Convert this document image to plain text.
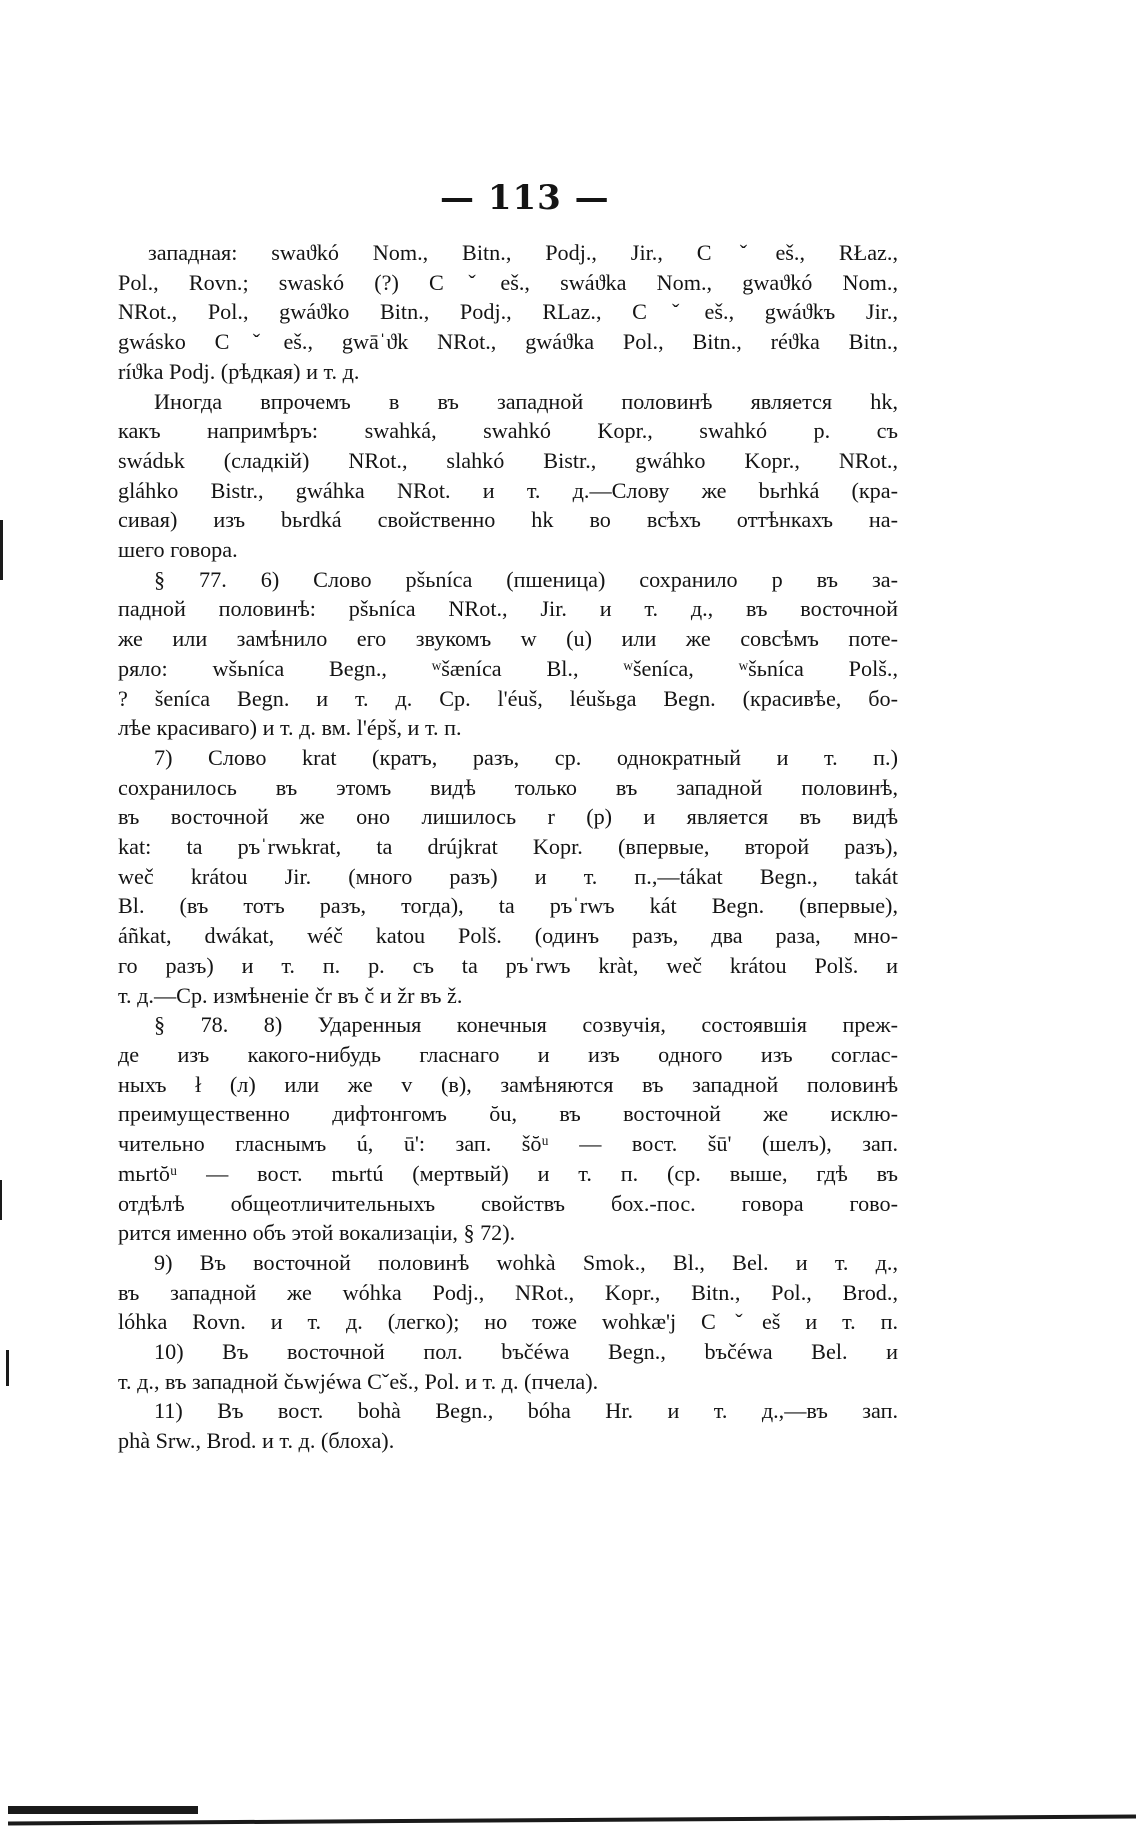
— 113 —
западная: swaϑkó Nom., Bitn., Podj., Jir., Cˇeš., RŁaz.,
Pol., Rovn.; swaskó (?) Cˇeš., swáϑka Nom., gwaϑkó Nom.,
NRot., Pol., gwáϑko Bitn., Podj., RLaz., Cˇeš., gwáϑkъ Jir.,
gwásko Cˇeš., gwāˈϑk NRot., gwáϑka Pol., Bitn., réϑka Bitn.,
ríϑka Podj. (рѣдкая) и т. д.
Иногда впрочемъ в въ западной половинѣ является hk,
какъ напримѣръ: swahká, swahkó Kopr., swahkó р. съ
swádьk (сладкій) NRot., slahkó Bistr., gwáhko Kopr., NRot.,
gláhko Bistr., gwáhka NRot. и т. д.—Слову же bьrhká (кра-
сивая) изъ bьrdká свойственно hk во всѣхъ оттѣнкахъ на-
шего говора.
§ 77. 6) Слово pšьníca (пшеница) сохранило p въ за-
падной половинѣ: pšьníca NRot., Jir. и т. д., въ восточной
же или замѣнило его звукомъ w (u) или же совсѣмъ поте-
ряло: wšьníca Begn., ʷšæníca Bl., ʷšeníca, ʷšьníca Polš.,
? šeníca Begn. и т. д. Ср. l'éuš, léušьga Begn. (красивѣе, бо-
лѣе красиваго) и т. д. вм. l'épš, и т. п.
7) Слово krat (кратъ, разъ, ср. однократный и т. п.)
сохранилось въ этомъ видѣ только въ западной половинѣ,
въ восточной же оно лишилось r (р) и является въ видѣ
kat: ta pъˈrwьkrat, ta drújkrat Kopr. (впервые, второй разъ),
weč krátou Jir. (много разъ) и т. п.,—tákat Begn., takát
Bl. (въ тотъ разъ, тогда), ta pъˈrwъ kát Begn. (впервые),
áñkat, dwákat, wéč katou Polš. (одинъ разъ, два раза, мно-
го разъ) и т. п. р. съ ta pъˈrwъ kràt, weč krátou Polš. и
т. д.—Ср. измѣненіе čr въ č и žr въ ž.
§ 78. 8) Ударенныя конечныя созвучія, состоявшія преж-
де изъ какого-нибудь гласнаго и изъ одного изъ соглас-
ныхъ ł (л) или же v (в), замѣняются въ западной половинѣ
преимущественно дифтонгомъ ŏu, въ восточной же исклю-
чительно гласнымъ ú, ū': зап. šŏᵘ — вост. šū' (шелъ), зап.
mьrtŏᵘ — вост. mьrtú (мертвый) и т. п. (ср. выше, гдѣ въ
отдѣлѣ общеотличительныхъ свойствъ бох.-пос. говора гово-
рится именно объ этой вокализаціи, § 72).
9) Въ восточной половинѣ wohkà Smok., Bl., Bel. и т. д.,
въ западной же wóhka Podj., NRot., Kopr., Bitn., Pol., Brod.,
lóhka Rovn. и т. д. (легко); но тоже wohkæ'j Cˇeš и т. п.
10) Въ восточной пол. bъčéwa Begn., bъčéwa Bel. и
т. д., въ западной čьwjéwa Cˇeš., Pol. и т. д. (пчела).
11) Въ вост. bohà Begn., bóha Hr. и т. д.,—въ зап.
phà Srw., Brod. и т. д. (блоха).
